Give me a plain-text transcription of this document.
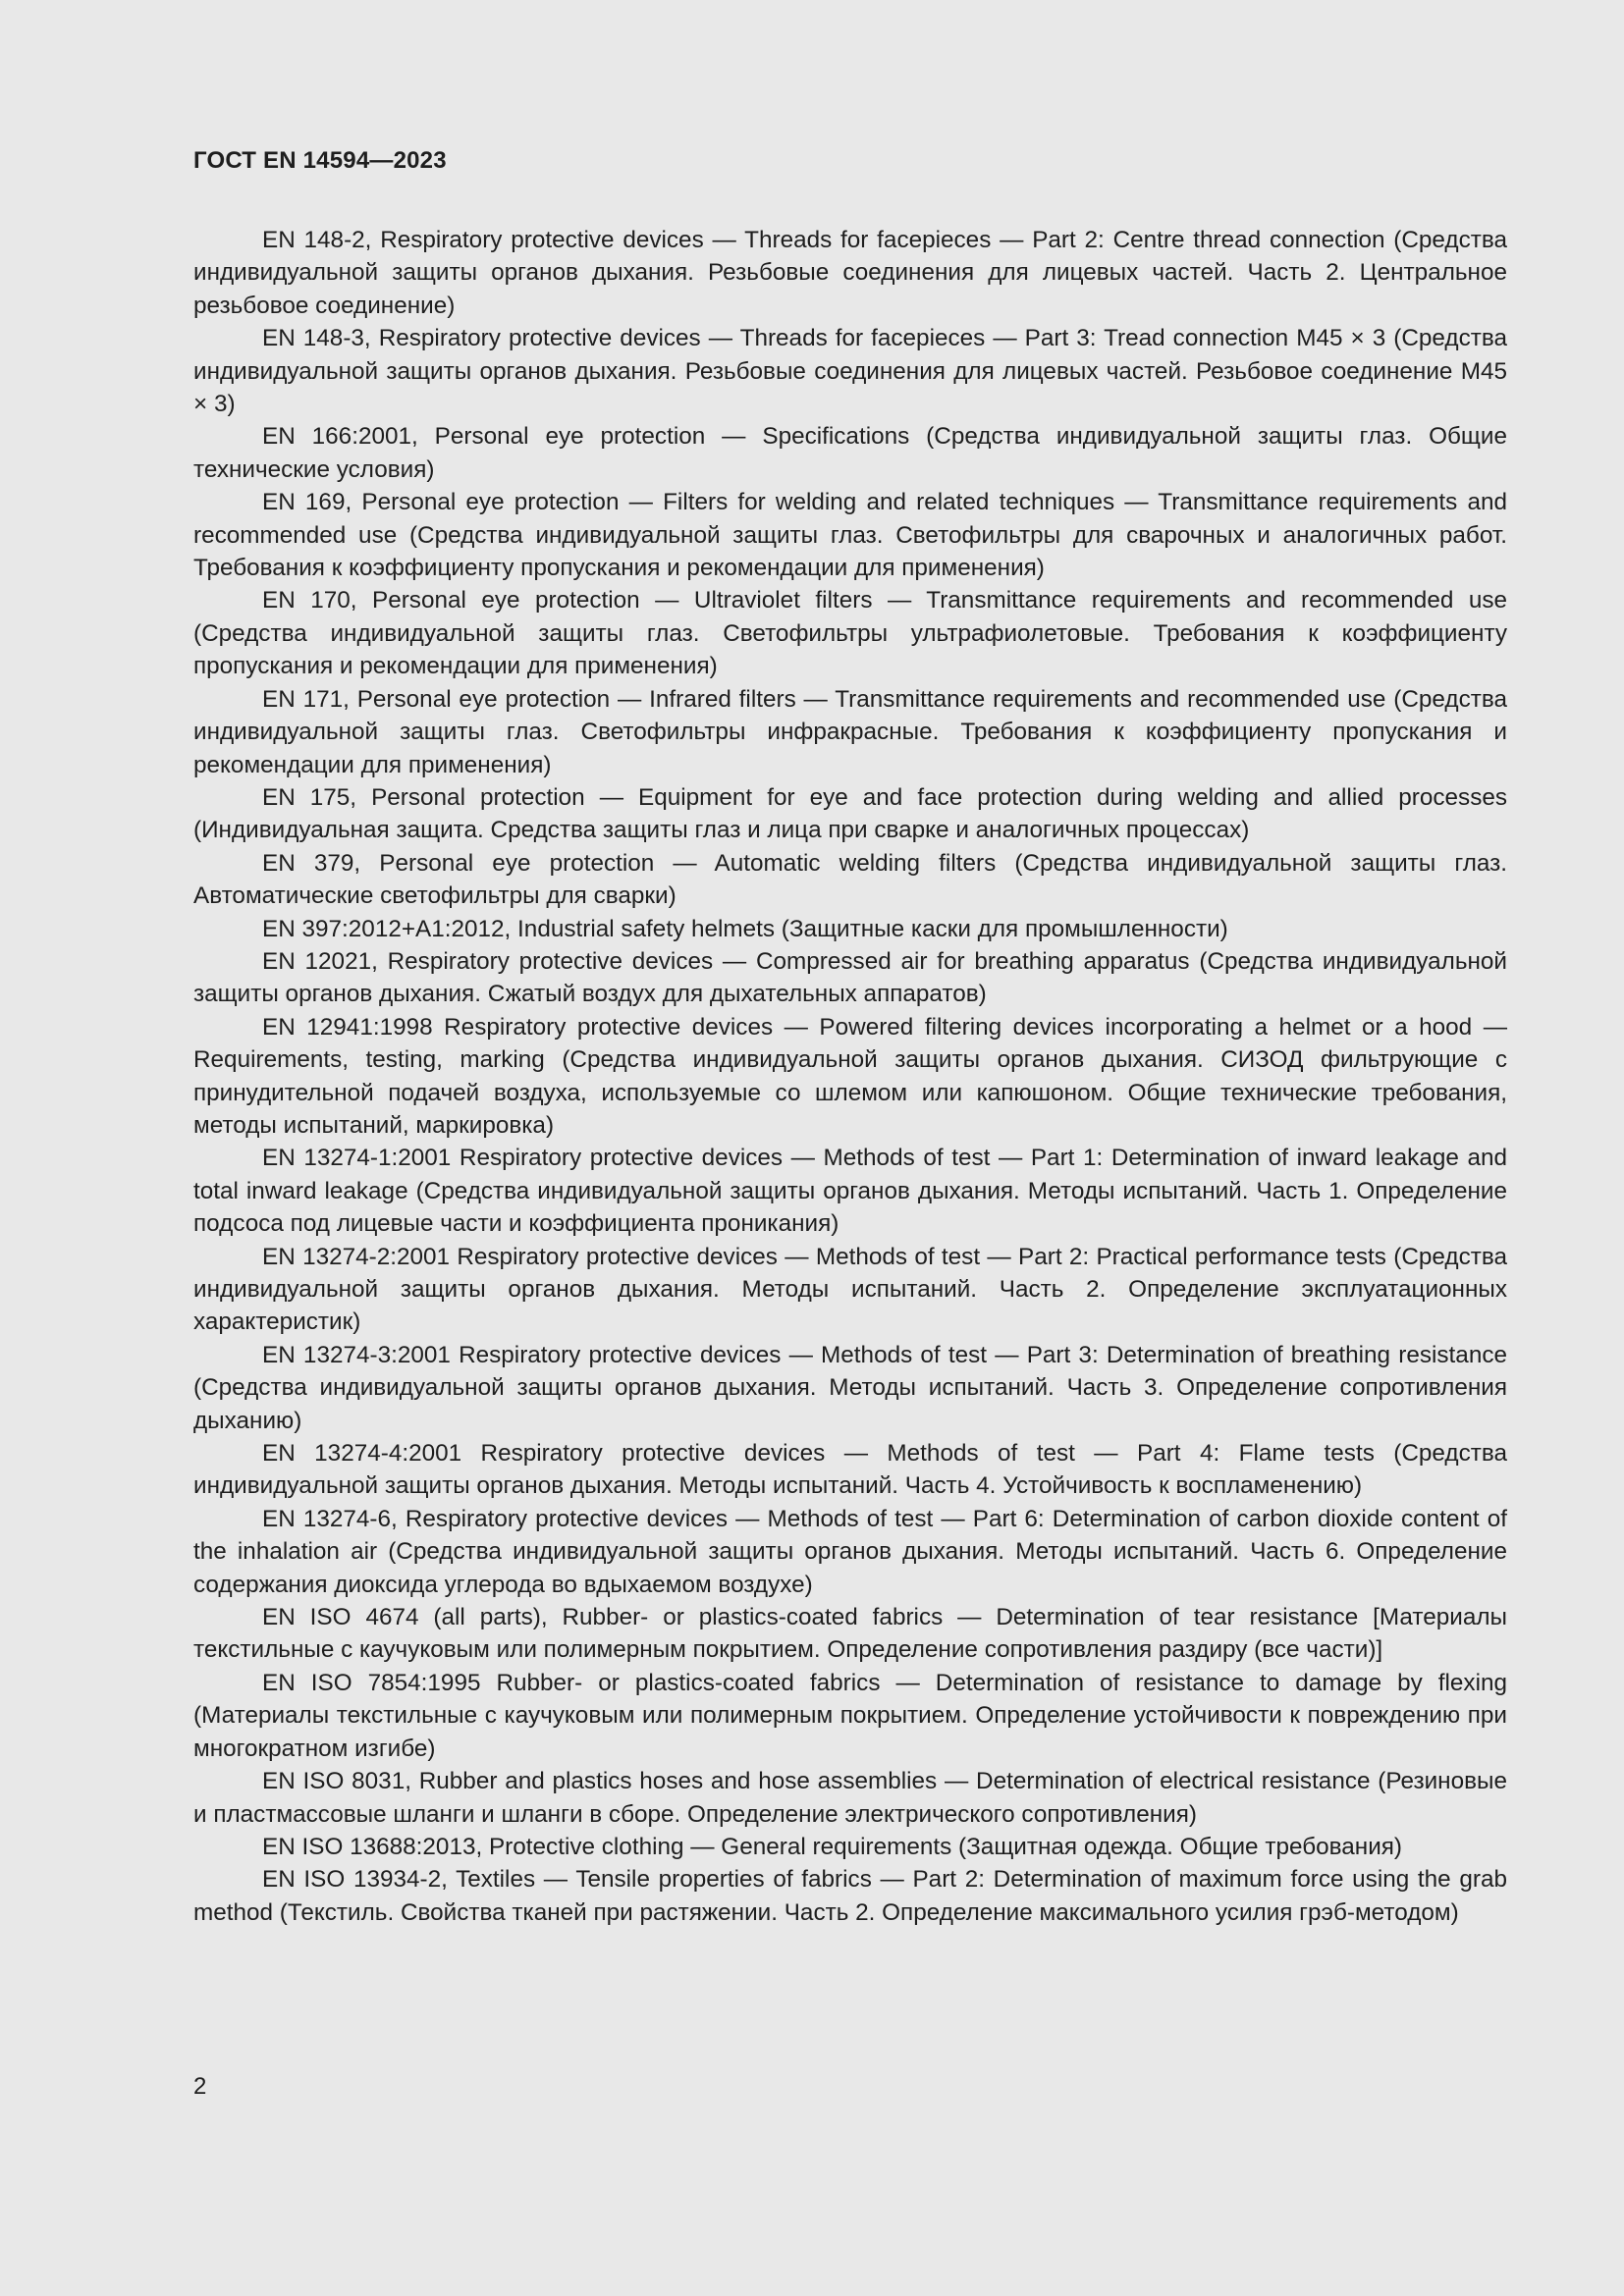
ГОСТ EN 14594—2023

EN 148-2, Respiratory protective devices — Threads for facepieces — Part 2: Centre thread connection (Средства индивидуальной защиты органов дыхания. Резьбовые соединения для лицевых частей. Часть 2. Центральное резьбовое соединение)

EN 148-3, Respiratory protective devices — Threads for facepieces — Part 3: Tread connection M45 × 3 (Средства индивидуальной защиты органов дыхания. Резьбовые соединения для лицевых частей. Резьбовое соединение M45 × 3)

EN 166:2001, Personal eye protection — Specifications (Средства индивидуальной защиты глаз. Общие технические условия)

EN 169, Personal eye protection — Filters for welding and related techniques — Transmittance requirements and recommended use (Средства индивидуальной защиты глаз. Светофильтры для сварочных и аналогичных работ. Требования к коэффициенту пропускания и рекомендации для применения)

EN 170, Personal eye protection — Ultraviolet filters — Transmittance requirements and recommended use (Средства индивидуальной защиты глаз. Светофильтры ультрафиолетовые. Требования к коэффициенту пропускания и рекомендации для применения)

EN 171, Personal eye protection — Infrared filters — Transmittance requirements and recommended use (Средства индивидуальной защиты глаз. Светофильтры инфракрасные. Требования к коэффициенту пропускания и рекомендации для применения)

EN 175, Personal protection — Equipment for eye and face protection during welding and allied processes (Индивидуальная защита. Средства защиты глаз и лица при сварке и аналогичных процессах)

EN 379, Personal eye protection — Automatic welding filters (Средства индивидуальной защиты глаз. Автоматические светофильтры для сварки)

EN 397:2012+A1:2012, Industrial safety helmets (Защитные каски для промышленности)

EN 12021, Respiratory protective devices — Compressed air for breathing apparatus (Средства индивидуальной защиты органов дыхания. Сжатый воздух для дыхательных аппаратов)

EN 12941:1998 Respiratory protective devices — Powered filtering devices incorporating a helmet or a hood — Requirements, testing, marking (Средства индивидуальной защиты органов дыхания. СИЗОД фильтрующие с принудительной подачей воздуха, используемые со шлемом или капюшоном. Общие технические требования, методы испытаний, маркировка)

EN 13274-1:2001 Respiratory protective devices — Methods of test — Part 1: Determination of inward leakage and total inward leakage (Средства индивидуальной защиты органов дыхания. Методы испытаний. Часть 1. Определение подсоса под лицевые части и коэффициента проникания)

EN 13274-2:2001 Respiratory protective devices — Methods of test — Part 2: Practical performance tests (Средства индивидуальной защиты органов дыхания. Методы испытаний. Часть 2. Определение эксплуатационных характеристик)

EN 13274-3:2001 Respiratory protective devices — Methods of test — Part 3: Determination of breathing resistance (Средства индивидуальной защиты органов дыхания. Методы испытаний. Часть 3. Определение сопротивления дыханию)

EN 13274-4:2001 Respiratory protective devices — Methods of test — Part 4: Flame tests (Средства индивидуальной защиты органов дыхания. Методы испытаний. Часть 4. Устойчивость к воспламенению)

EN 13274-6, Respiratory protective devices — Methods of test — Part 6: Determination of carbon dioxide content of the inhalation air (Средства индивидуальной защиты органов дыхания. Методы испытаний. Часть 6. Определение содержания диоксида углерода во вдыхаемом воздухе)

EN ISO 4674 (all parts), Rubber- or plastics-coated fabrics — Determination of tear resistance [Материалы текстильные с каучуковым или полимерным покрытием. Определение сопротивления раздиру (все части)]

EN ISO 7854:1995 Rubber- or plastics-coated fabrics — Determination of resistance to damage by flexing (Материалы текстильные с каучуковым или полимерным покрытием. Определение устойчивости к повреждению при многократном изгибе)

EN ISO 8031, Rubber and plastics hoses and hose assemblies — Determination of electrical resistance (Резиновые и пластмассовые шланги и шланги в сборе. Определение электрического сопротивления)

EN ISO 13688:2013, Protective clothing — General requirements (Защитная одежда. Общие требования)

EN ISO 13934-2, Textiles — Tensile properties of fabrics — Part 2: Determination of maximum force using the grab method (Текстиль. Свойства тканей при растяжении. Часть 2. Определение максимального усилия грэб-методом)

2
